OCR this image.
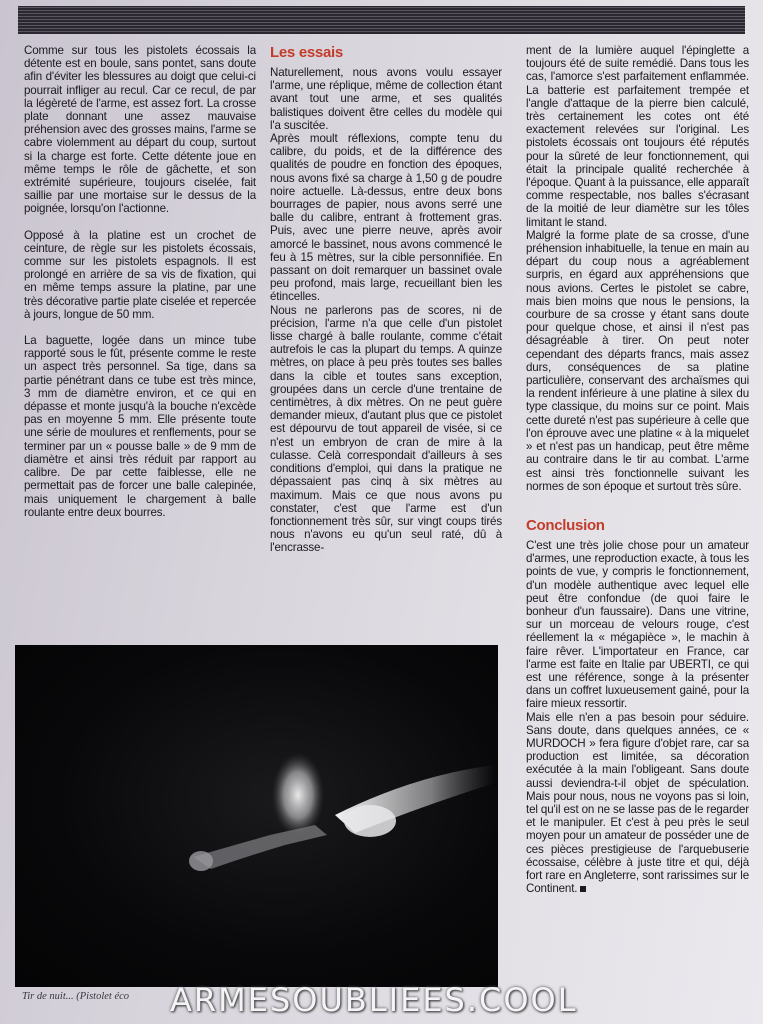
Comme sur tous les pistolets écossais la détente est en boule, sans pontet, sans doute afin d'éviter les blessures au doigt que celui-ci pourrait infliger au recul. Car ce recul, de par la légèreté de l'arme, est assez fort. La crosse plate donnant une assez mauvaise préhension avec des grosses mains, l'arme se cabre violemment au départ du coup, surtout si la charge est forte. Cette détente joue en même temps le rôle de gâchette, et son extrémité supérieure, toujours ciselée, fait saillie par une mortaise sur le dessus de la poignée, lorsqu'on l'actionne.

Opposé à la platine est un crochet de ceinture, de règle sur les pistolets écossais, comme sur les pistolets espagnols. Il est prolongé en arrière de sa vis de fixation, qui en même temps assure la platine, par une très décorative partie plate ciselée et repercée à jours, longue de 50 mm.

La baguette, logée dans un mince tube rapporté sous le fût, présente comme le reste un aspect très personnel. Sa tige, dans sa partie pénétrant dans ce tube est très mince, 3 mm de diamètre environ, et ce qui en dépasse et monte jusqu'à la bouche n'excède pas en moyenne 5 mm. Elle présente toute une série de moulures et renflements, pour se terminer par un « pousse balle » de 9 mm de diamètre et ainsi très réduit par rapport au calibre. De par cette faiblesse, elle ne permettait pas de forcer une balle calepinée, mais uniquement le chargement à balle roulante entre deux bourres.

Les essais

Naturellement, nous avons voulu essayer l'arme, une réplique, même de collection étant avant tout une arme, et ses qualités balistiques doivent être celles du modèle qui l'a suscitée.

Après moult réflexions, compte tenu du calibre, du poids, et de la différence des qualités de poudre en fonction des époques, nous avons fixé sa charge à 1,50 g de poudre noire actuelle. Là-dessus, entre deux bons bourrages de papier, nous avons serré une balle du calibre, entrant à frottement gras. Puis, avec une pierre neuve, après avoir amorcé le bassinet, nous avons commencé le feu à 15 mètres, sur la cible personnifiée. En passant on doit remarquer un bassinet ovale peu profond, mais large, recueillant bien les étincelles.

Nous ne parlerons pas de scores, ni de précision, l'arme n'a que celle d'un pistolet lisse chargé à balle roulante, comme c'était autrefois le cas la plupart du temps. A quinze mètres, on place à peu près toutes ses balles dans la cible et toutes sans exception, groupées dans un cercle d'une trentaine de centimètres, à dix mètres. On ne peut guère demander mieux, d'autant plus que ce pistolet est dépourvu de tout appareil de visée, si ce n'est un embryon de cran de mire à la culasse. Celà correspondait d'ailleurs à ses conditions d'emploi, qui dans la pratique ne dépassaient pas cinq à six mètres au maximum. Mais ce que nous avons pu constater, c'est que l'arme est d'un fonctionnement très sûr, sur vingt coups tirés nous n'avons eu qu'un seul raté, dû à l'encrasse-

ment de la lumière auquel l'épinglette a toujours été de suite remédié. Dans tous les cas, l'amorce s'est parfaitement enflammée. La batterie est parfaitement trempée et l'angle d'attaque de la pierre bien calculé, très certainement les cotes ont été exactement relevées sur l'original. Les pistolets écossais ont toujours été réputés pour la sûreté de leur fonctionnement, qui était la principale qualité recherchée à l'époque. Quant à la puissance, elle apparaît comme respectable, nos balles s'écrasant de la moitié de leur diamètre sur les tôles limitant le stand.

Malgré la forme plate de sa crosse, d'une préhension inhabituelle, la tenue en main au départ du coup nous a agréablement surpris, en égard aux appréhensions que nous avions. Certes le pistolet se cabre, mais bien moins que nous le pensions, la courbure de sa crosse y étant sans doute pour quelque chose, et ainsi il n'est pas désagréable à tirer. On peut noter cependant des départs francs, mais assez durs, conséquences de sa platine particulière, conservant des archaïsmes qui la rendent inférieure à une platine à silex du type classique, du moins sur ce point. Mais cette dureté n'est pas supérieure à celle que l'on éprouve avec une platine « à la miquelet » et n'est pas un handicap, peut être même au contraire dans le tir au combat. L'arme est ainsi très fonctionnelle suivant les normes de son époque et surtout très sûre.

Conclusion

C'est une très jolie chose pour un amateur d'armes, une reproduction exacte, à tous les points de vue, y compris le fonctionnement, d'un modèle authentique avec lequel elle peut être confondue (de quoi faire le bonheur d'un faussaire). Dans une vitrine, sur un morceau de velours rouge, c'est réellement la « mégapièce », le machin à faire rêver. L'importateur en France, car l'arme est faite en Italie par UBERTI, ce qui est une référence, songe à la présenter dans un coffret luxueusement gainé, pour la faire mieux ressortir.

Mais elle n'en a pas besoin pour séduire. Sans doute, dans quelques années, ce « MURDOCH » fera figure d'objet rare, car sa production est limitée, sa décoration exécutée à la main l'obligeant. Sans doute aussi deviendra-t-il objet de spéculation. Mais pour nous, nous ne voyons pas si loin, tel qu'il est on ne se lasse pas de le regarder et le manipuler. Et c'est à peu près le seul moyen pour un amateur de posséder une de ces pièces prestigieuse de l'arquebuserie écossaise, célèbre à juste titre et qui, déjà fort rare en Angleterre, sont rarissimes sur le Continent.

Tir de nuit... (Pistolet éco	ARMESOUBLIEES.COOL
